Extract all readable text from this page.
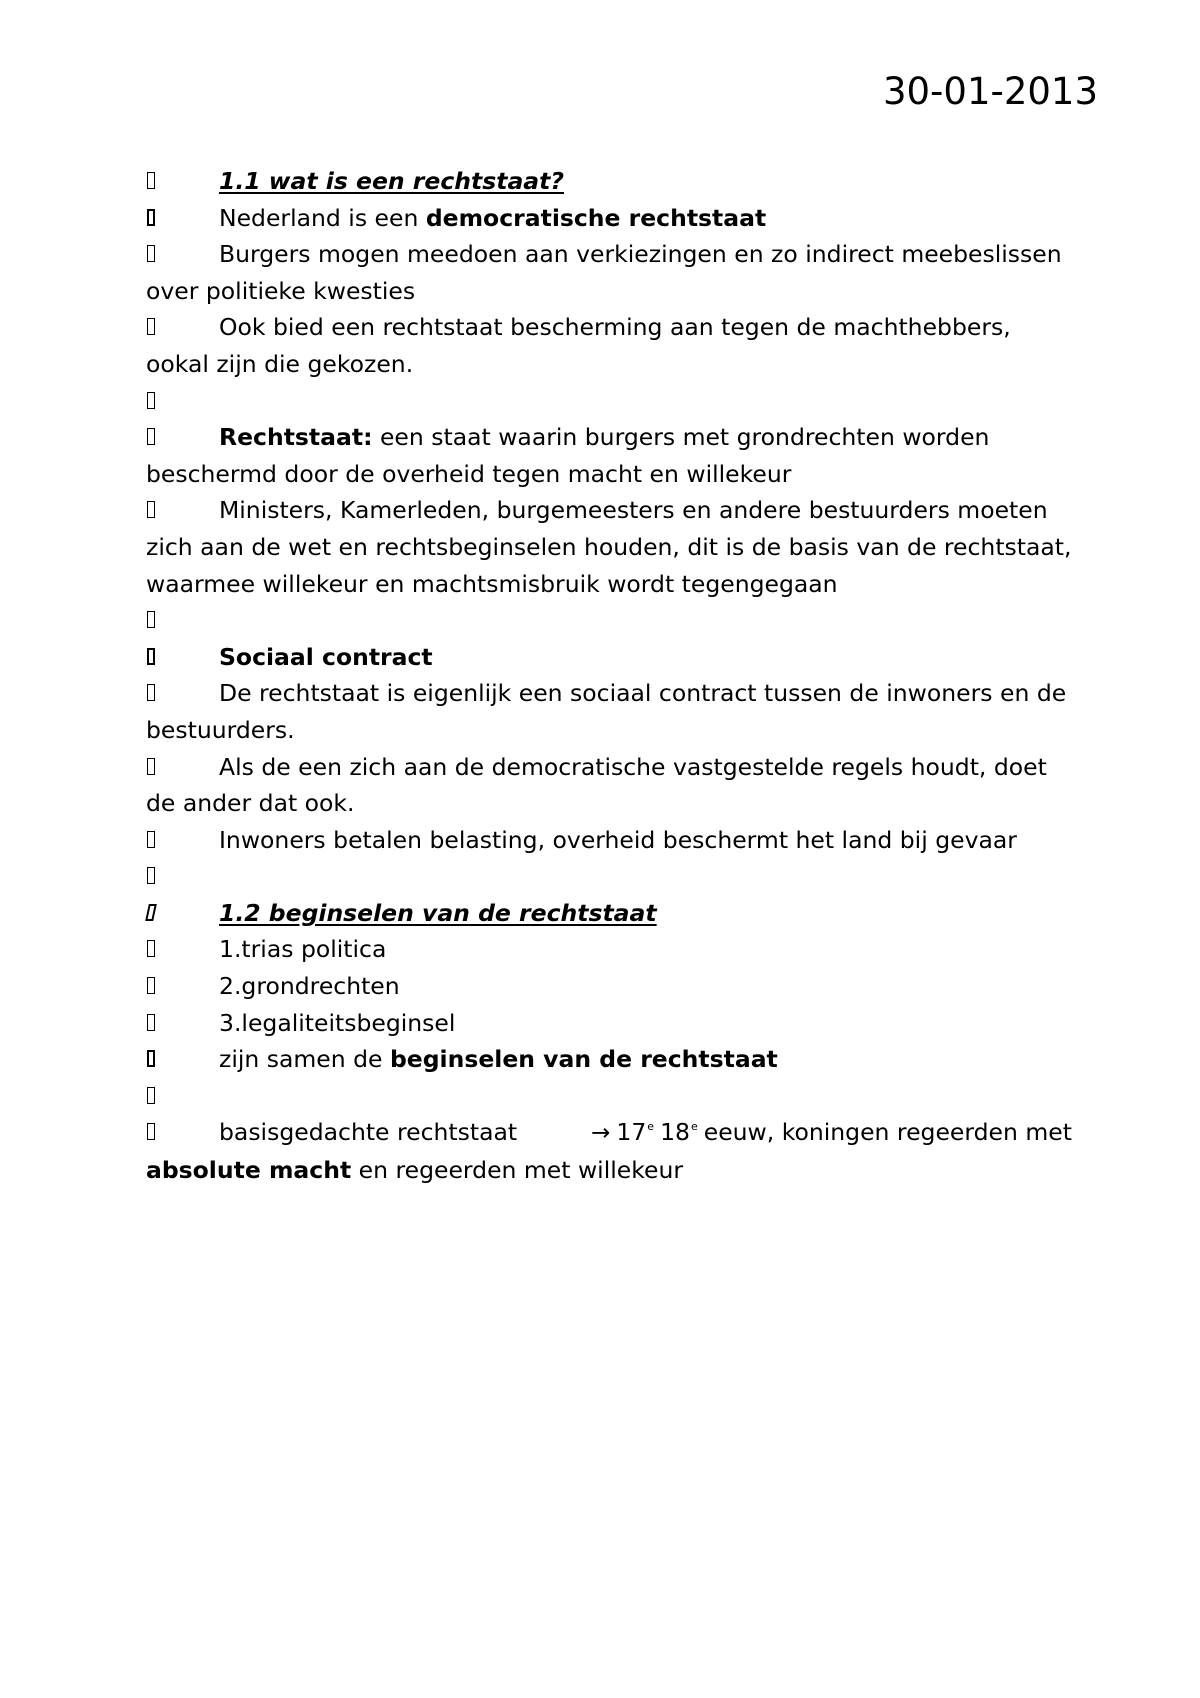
30-01-2013

1.1 wat is een rechtstaat?

Nederland is een democratische rechtstaat

Burgers mogen meedoen aan verkiezingen en zo indirect meebeslissen over politieke kwesties

Ook bied een rechtstaat bescherming aan tegen de machthebbers, ookal zijn die gekozen.

Rechtstaat: een staat waarin burgers met grondrechten worden beschermd door de overheid tegen macht en willekeur

Ministers, Kamerleden, burgemeesters en andere bestuurders moeten zich aan de wet en rechtsbeginselen houden, dit is de basis van de rechtstaat, waarmee willekeur en machtsmisbruik wordt tegengegaan

Sociaal contract

De rechtstaat is eigenlijk een sociaal contract tussen de inwoners en de bestuurders.

Als de een zich aan de democratische vastgestelde regels houdt, doet de ander dat ook.

Inwoners betalen belasting, overheid beschermt het land bij gevaar

1.2 beginselen van de rechtstaat

1.trias politica

2.grondrechten

3.legaliteitsbeginsel

zijn samen de beginselen van de rechtstaat

basisgedachte rechtstaat	→ $17^e$ 18e eeuw, koningen regeerden met absolute macht en regeerden met willekeur
